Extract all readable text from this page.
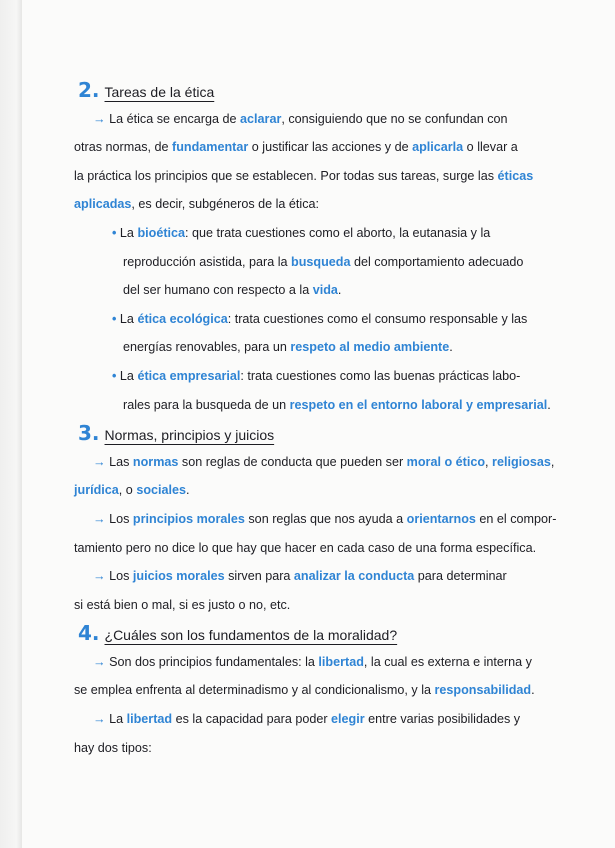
2. Tareas de la ética
→ La ética se encarga de aclarar, consiguiendo que no se confundan con
otras normas, de fundamentar o justificar las acciones y de aplicarla o llevar a
la práctica los principios que se establecen. Por todas sus tareas, surge las éticas
aplicadas, es decir, subgéneros de la ética:
• La bioética: que trata cuestiones como el aborto, la eutanasia y la
reproducción asistida, para la busqueda del comportamiento adecuado
del ser humano con respecto a la vida.
• La ética ecológica: trata cuestiones como el consumo responsable y las
energías renovables, para un respeto al medio ambiente.
• La ética empresarial: trata cuestiones como las buenas prácticas labo-
rales para la busqueda de un respeto en el entorno laboral y empresarial.
3. Normas, principios y juicios
→ Las normas son reglas de conducta que pueden ser moral o ético, religiosas,
jurídica, o sociales.
→ Los principios morales son reglas que nos ayuda a orientarnos en el compor-
tamiento pero no dice lo que hay que hacer en cada caso de una forma específica.
→ Los juicios morales sirven para analizar la conducta para determinar
si está bien o mal, si es justo o no, etc.
4. ¿Cuáles son los fundamentos de la moralidad?
→ Son dos principios fundamentales: la libertad, la cual es externa e interna y
se emplea enfrenta al determinadismo y al condicionalismo, y la responsabilidad.
→ La libertad es la capacidad para poder elegir entre varias posibilidades y
hay dos tipos:
